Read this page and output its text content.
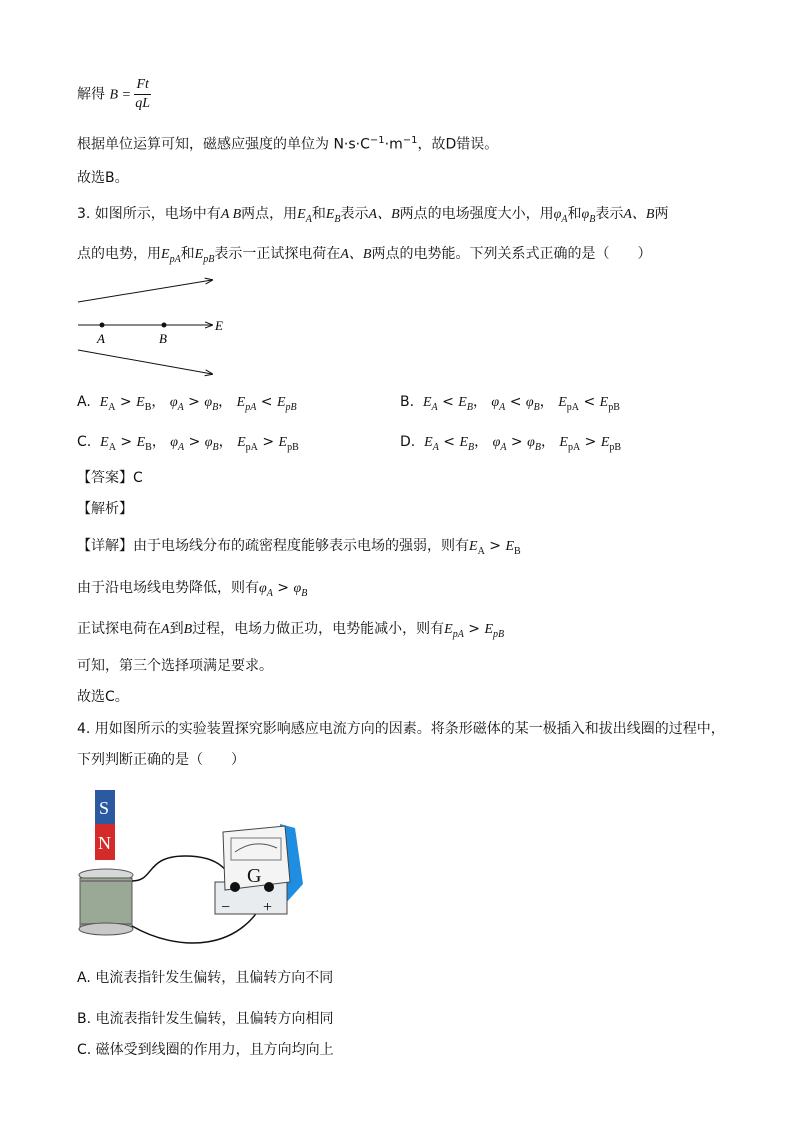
解得 $B = \frac{Ft}{qL}$
根据单位运算可知，磁感应强度的单位为 $N\cdot s\cdot C^{-1}\cdot m^{-1}$，故D错误。
故选B。
3. 如图所示，电场中有A B两点，用$E_A$和$E_B$表示A、B两点的电场强度大小，用$\varphi_A$和$\varphi_B$表示A、B两
点的电势，用$E_{pA}$和$E_{pB}$表示一正试探电荷在A、B两点的电势能。下列关系式正确的是（　　）
A	B
E
A. $E_A > E_B$， $\varphi_A > \varphi_B$， $E_{pA} < E_{pB}$	B. $E_A < E_B$， $\varphi_A < \varphi_B$， $E_{pA} < E_{pB}$
C. $E_A > E_B$， $\varphi_A > \varphi_B$， $E_{pA} > E_{pB}$	D. $E_A < E_B$， $\varphi_A > \varphi_B$， $E_{pA} > E_{pB}$
【答案】C
【解析】
【详解】由于电场线分布的疏密程度能够表示电场的强弱，则有$E_A > E_B$
由于沿电场线电势降低，则有$\varphi_A > \varphi_B$
正试探电荷在A到B过程，电场力做正功，电势能减小，则有$E_{pA} > E_{pB}$
可知，第三个选择项满足要求。
故选C。
4. 用如图所示的实验装置探究影响感应电流方向的因素。将条形磁体的某一极插入和拔出线圈的过程中，
下列判断正确的是（　　）
S
N
G
− +
A. 电流表指针发生偏转，且偏转方向不同
B. 电流表指针发生偏转，且偏转方向相同
C. 磁体受到线圈的作用力，且方向均向上
